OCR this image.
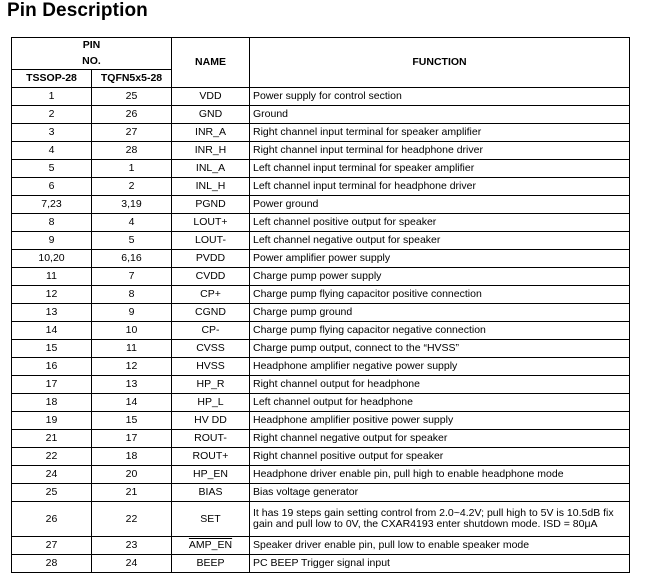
Pin Description
PIN		NAME	FUNCTION
NO.			
TSSOP-28	TQFN5x5-28		
1	25	VDD	Power supply for control section
2	26	GND	Ground
3	27	INR_A	Right channel input terminal for speaker amplifier
4	28	INR_H	Right channel input terminal for headphone driver
5	1	INL_A	Left channel input terminal for speaker amplifier
6	2	INL_H	Left channel input terminal for headphone driver
7,23	3,19	PGND	Power ground
8	4	LOUT+	Left channel positive output for speaker
9	5	LOUT-	Left channel negative output for speaker
10,20	6,16	PVDD	Power amplifier power supply
11	7	CVDD	Charge pump power supply
12	8	CP+	Charge pump flying capacitor positive connection
13	9	CGND	Charge pump ground
14	10	CP-	Charge pump flying capacitor negative connection
15	11	CVSS	Charge pump output, connect to the “HVSS”
16	12	HVSS	Headphone amplifier negative power supply
17	13	HP_R	Right channel output for headphone
18	14	HP_L	Left channel output for headphone
19	15	HV DD	Headphone amplifier positive power supply
21	17	ROUT-	Right channel negative output for speaker
22	18	ROUT+	Right channel positive output for speaker
24	20	HP_EN	Headphone driver enable pin, pull high to enable headphone mode
25	21	BIAS	Bias voltage generator
26	22	SET	It has 19 steps gain setting control from 2.0~4.2V; pull high to 5V is 10.5dB fix gain and pull low to 0V, the CXAR4193 enter shutdown mode. ISD = 80μA
27	23	AMP_EN	Speaker driver enable pin, pull low to enable speaker mode
28	24	BEEP	PC BEEP Trigger signal input
